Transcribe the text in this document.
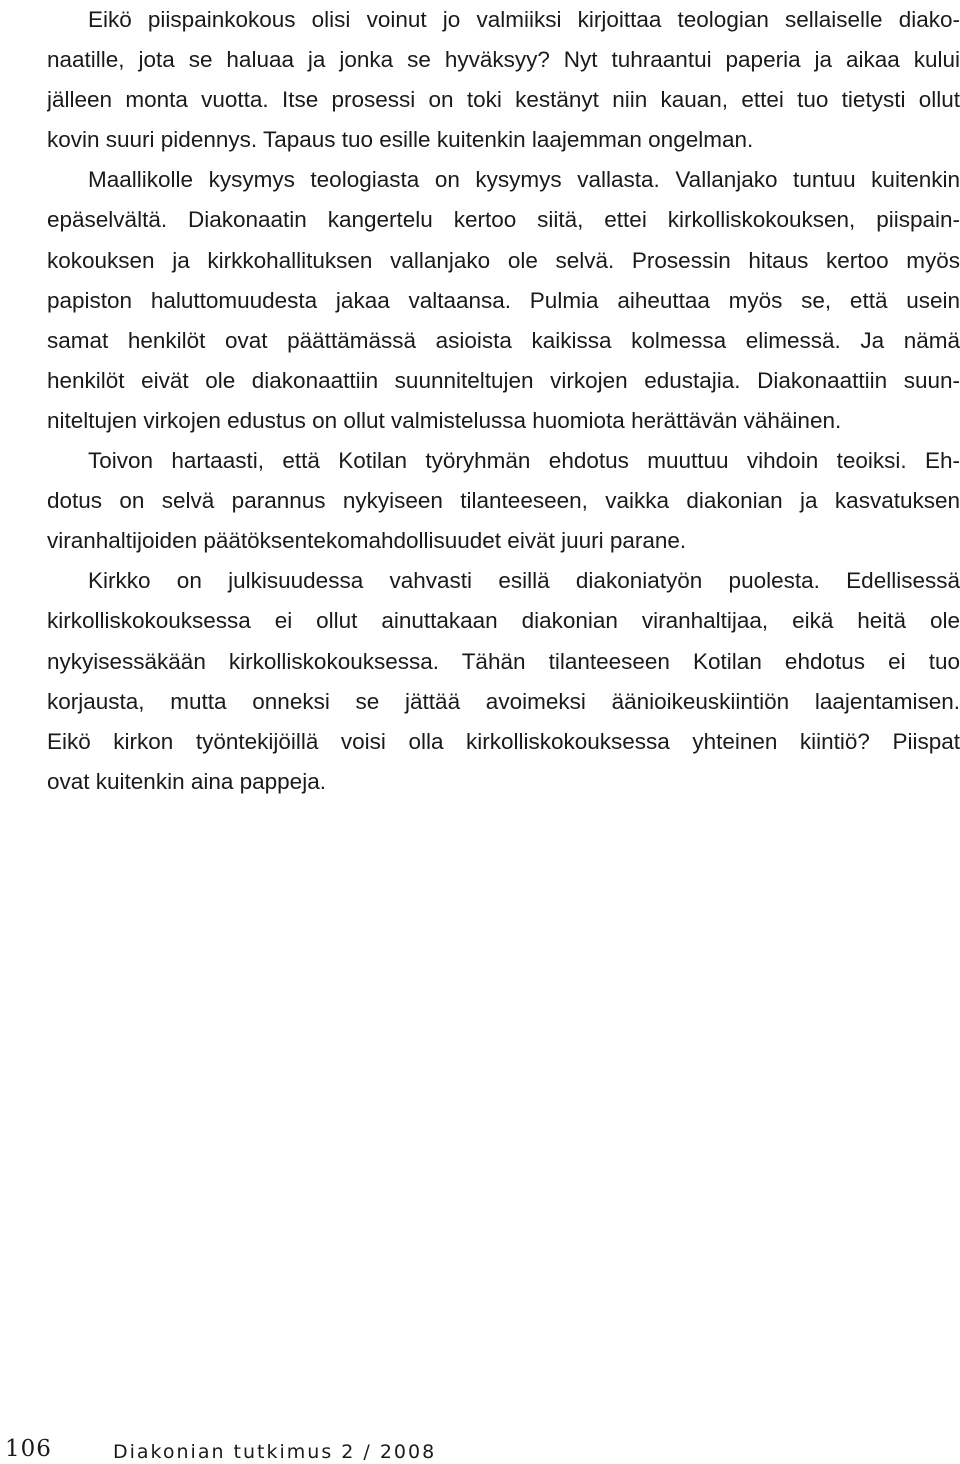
Eikö piispainkokous olisi voinut jo valmiiksi kirjoittaa teologian sellaiselle diako-
naatille, jota se haluaa ja jonka se hyväksyy? Nyt tuhraantui paperia ja aikaa kului
jälleen monta vuotta. Itse prosessi on toki kestänyt niin kauan, ettei tuo tietysti ollut
kovin suuri pidennys. Tapaus tuo esille kuitenkin laajemman ongelman.
Maallikolle kysymys teologiasta on kysymys vallasta. Vallanjako tuntuu kuitenkin
epäselvältä. Diakonaatin kangertelu kertoo siitä, ettei kirkolliskokouksen, piispain-
kokouksen ja kirkkohallituksen vallanjako ole selvä. Prosessin hitaus kertoo myös
papiston haluttomuudesta jakaa valtaansa. Pulmia aiheuttaa myös se, että usein
samat henkilöt ovat päättämässä asioista kaikissa kolmessa elimessä. Ja nämä
henkilöt eivät ole diakonaattiin suunniteltujen virkojen edustajia. Diakonaattiin suun-
niteltujen virkojen edustus on ollut valmistelussa huomiota herättävän vähäinen.
Toivon hartaasti, että Kotilan työryhmän ehdotus muuttuu vihdoin teoiksi. Eh-
dotus on selvä parannus nykyiseen tilanteeseen, vaikka diakonian ja kasvatuksen
viranhaltijoiden päätöksentekomahdollisuudet eivät juuri parane.
Kirkko on julkisuudessa vahvasti esillä diakoniatyön puolesta. Edellisessä
kirkolliskokouksessa ei ollut ainuttakaan diakonian viranhaltijaa, eikä heitä ole
nykyisessäkään kirkolliskokouksessa. Tähän tilanteeseen Kotilan ehdotus ei tuo
korjausta, mutta onneksi se jättää avoimeksi äänioikeuskiintiön laajentamisen.
Eikö kirkon työntekijöillä voisi olla kirkolliskokouksessa yhteinen kiintiö? Piispat
ovat kuitenkin aina pappeja.
106	Diakonian tutkimus 2 / 2008
